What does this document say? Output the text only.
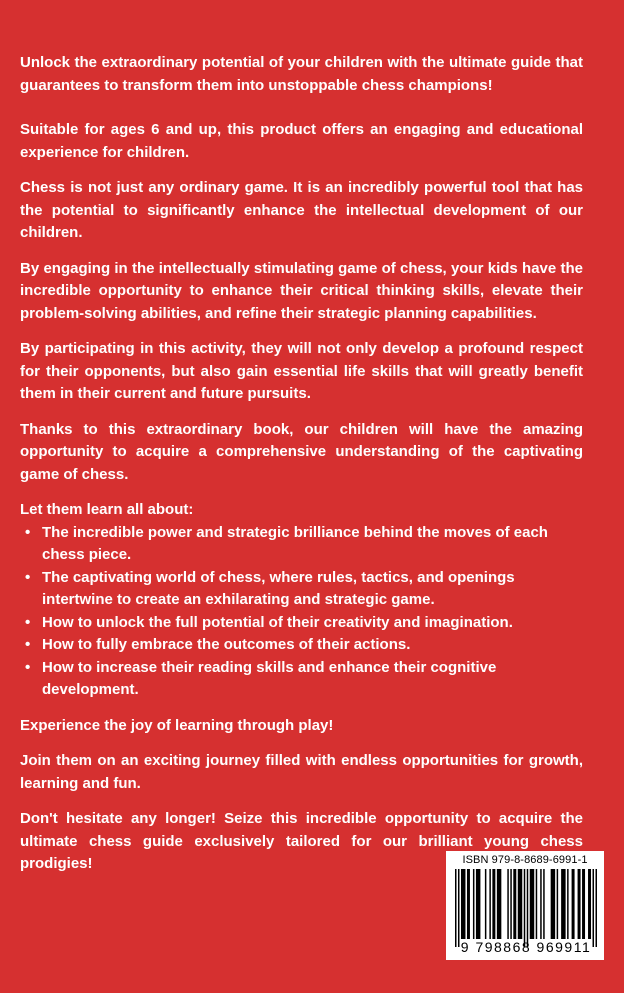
Unlock the extraordinary potential of your children with the ultimate guide that guarantees to transform them into unstoppable chess champions!

Suitable for ages 6 and up, this product offers an engaging and educational experience for children.

Chess is not just any ordinary game. It is an incredibly powerful tool that has the potential to significantly enhance the intellectual development of our children.

By engaging in the intellectually stimulating game of chess, your kids have the incredible opportunity to enhance their critical thinking skills, elevate their problem-solving abilities, and refine their strategic planning capabilities.

By participating in this activity, they will not only develop a profound respect for their opponents, but also gain essential life skills that will greatly benefit them in their current and future pursuits.

Thanks to this extraordinary book, our children will have the amazing opportunity to acquire a comprehensive understanding of the captivating game of chess.

Let them learn all about:

• The incredible power and strategic brilliance behind the moves of each chess piece.
• The captivating world of chess, where rules, tactics, and openings intertwine to create an exhilarating and strategic game.
• How to unlock the full potential of their creativity and imagination.
• How to fully embrace the outcomes of their actions.
• How to increase their reading skills and enhance their cognitive development.

Experience the joy of learning through play!

Join them on an exciting journey filled with endless opportunities for growth, learning and fun.

Don't hesitate any longer! Seize this incredible opportunity to acquire the ultimate chess guide exclusively tailored for our brilliant young chess prodigies!	ISBN 979-8-8689-6991-1
9 798868 969911
